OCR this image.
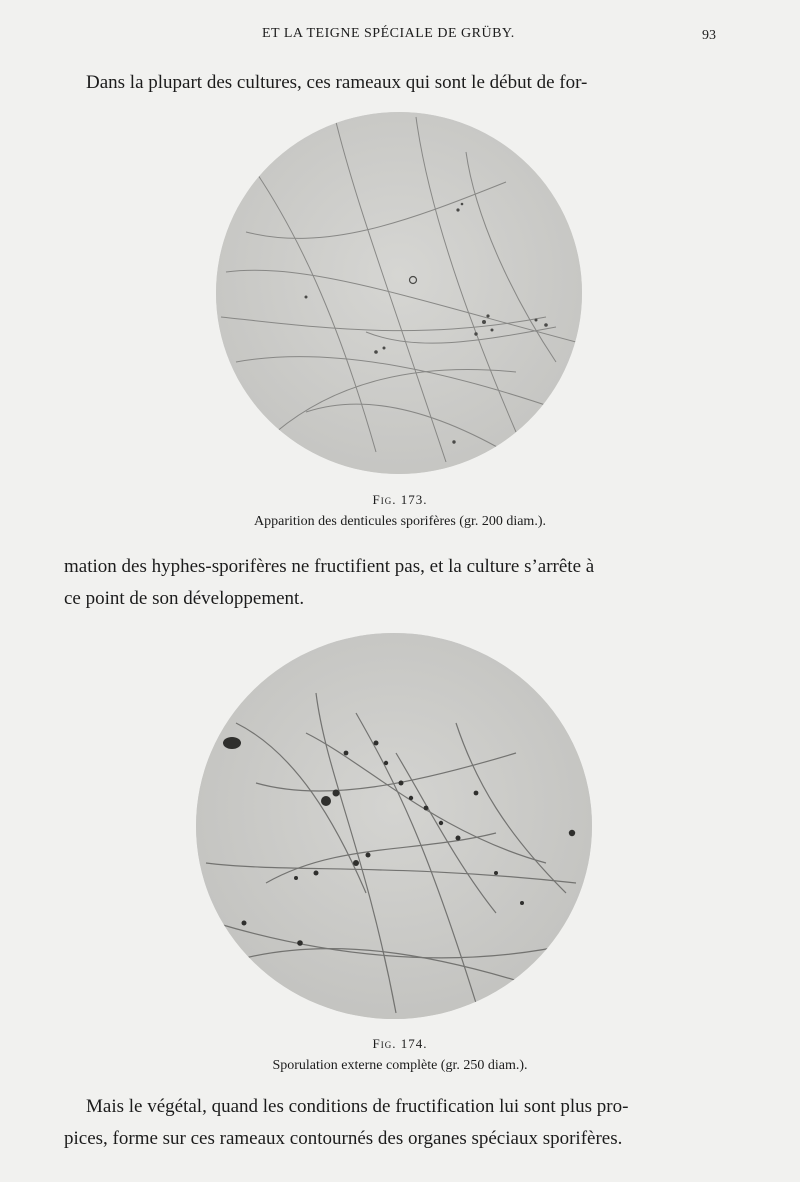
ET LA TEIGNE SPÉCIALE DE GRÜBY.	93
Dans la plupart des cultures, ces rameaux qui sont le début de for-
Fig. 173.
Apparition des denticules sporifères (gr. 200 diam.).
mation des hyphes-sporifères ne fructifient pas, et la culture s’arrête à
ce point de son développement.
Fig. 174.
Sporulation externe complète (gr. 250 diam.).
Mais le végétal, quand les conditions de fructification lui sont plus pro-
pices, forme sur ces rameaux contournés des organes spéciaux sporifères.
